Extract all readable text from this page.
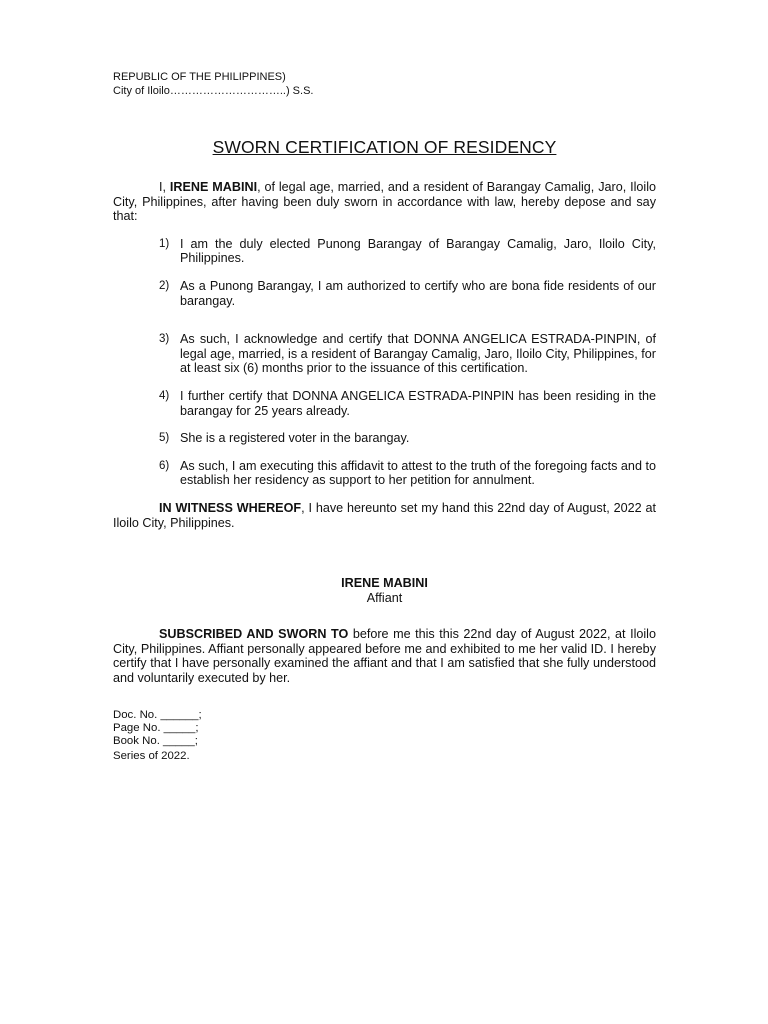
REPUBLIC OF THE PHILIPPINES)
City of Iloilo…………………………..) S.S.
SWORN CERTIFICATION OF RESIDENCY

I, IRENE MABINI, of legal age, married, and a resident of Barangay Camalig, Jaro, Iloilo City, Philippines, after having been duly sworn in accordance with law, hereby depose and say that:

1) I am the duly elected Punong Barangay of Barangay Camalig, Jaro, Iloilo City, Philippines.
2) As a Punong Barangay, I am authorized to certify who are bona fide residents of our barangay.
3) As such, I acknowledge and certify that DONNA ANGELICA ESTRADA-PINPIN, of legal age, married, is a resident of Barangay Camalig, Jaro, Iloilo City, Philippines, for at least six (6) months prior to the issuance of this certification.
4) I further certify that DONNA ANGELICA ESTRADA-PINPIN has been residing in the barangay for 25 years already.
5) She is a registered voter in the barangay.
6) As such, I am executing this affidavit to attest to the truth of the foregoing facts and to establish her residency as support to her petition for annulment.

IN WITNESS WHEREOF, I have hereunto set my hand this 22nd day of August, 2022 at Iloilo City, Philippines.

IRENE MABINI
Affiant

SUBSCRIBED AND SWORN TO before me this this 22nd day of August 2022, at Iloilo City, Philippines. Affiant personally appeared before me and exhibited to me her valid ID. I hereby certify that I have personally examined the affiant and that I am satisfied that she fully understood and voluntarily executed by her.

Doc. No. ______;
Page No. _____;
Book No. _____;
Series of 2022.
